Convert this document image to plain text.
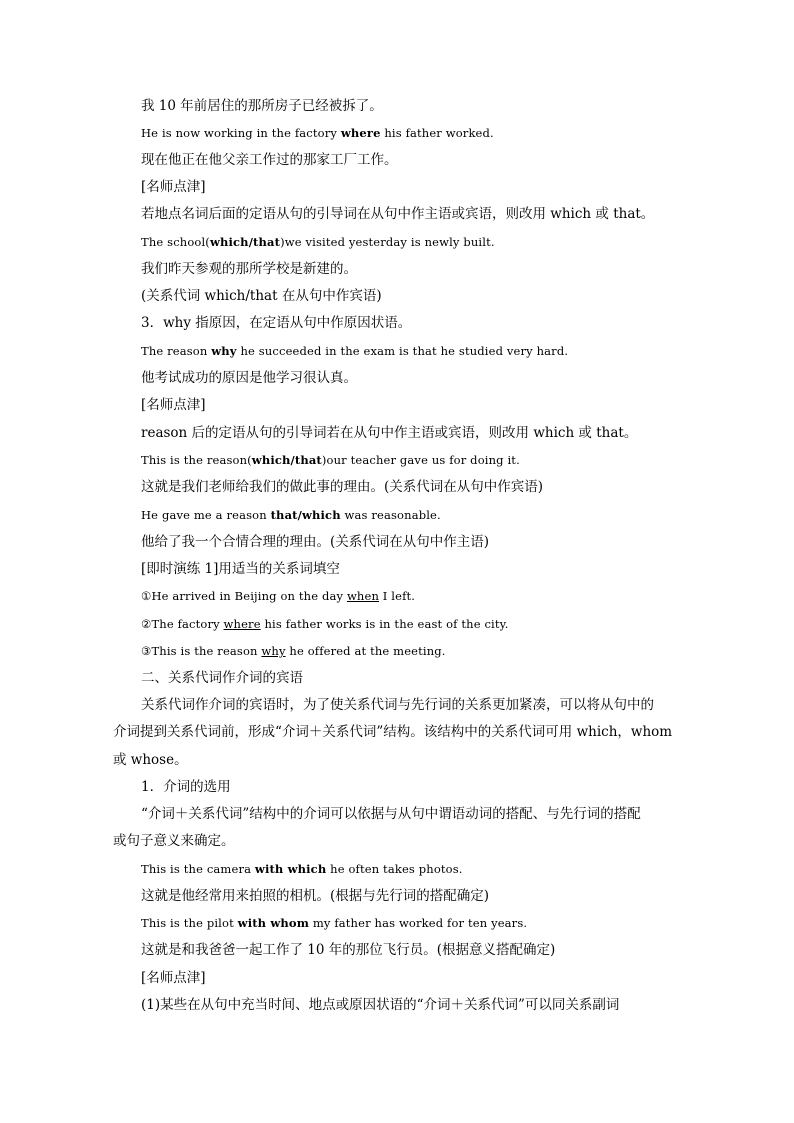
我 10 年前居住的那所房子已经被拆了。
He is now working in the factory where his father worked.
现在他正在他父亲工作过的那家工厂工作。
[名师点津]
若地点名词后面的定语从句的引导词在从句中作主语或宾语，则改用 which 或 that。
The school(which/that)we visited yesterday is newly built.
我们昨天参观的那所学校是新建的。
(关系代词 which/that 在从句中作宾语)
3．why 指原因，在定语从句中作原因状语。
The reason why he succeeded in the exam is that he studied very hard.
他考试成功的原因是他学习很认真。
[名师点津]
reason 后的定语从句的引导词若在从句中作主语或宾语，则改用 which 或 that。
This is the reason(which/that)our teacher gave us for doing it.
这就是我们老师给我们的做此事的理由。(关系代词在从句中作宾语)
He gave me a reason that/which was reasonable.
他给了我一个合情合理的理由。(关系代词在从句中作主语)
[即时演练 1]用适当的关系词填空
①He arrived in Beijing on the day when I left.
②The factory where his father works is in the east of the city.
③This is the reason why he offered at the meeting.
二、关系代词作介词的宾语
关系代词作介词的宾语时，为了使关系代词与先行词的关系更加紧凑，可以将从句中的
介词提到关系代词前，形成“介词＋关系代词”结构。该结构中的关系代词可用 which，whom
或 whose。
1．介词的选用
“介词＋关系代词”结构中的介词可以依据与从句中谓语动词的搭配、与先行词的搭配
或句子意义来确定。
This is the camera with which he often takes photos.
这就是他经常用来拍照的相机。(根据与先行词的搭配确定)
This is the pilot with whom my father has worked for ten years.
这就是和我爸爸一起工作了 10 年的那位飞行员。(根据意义搭配确定)
[名师点津]
(1)某些在从句中充当时间、地点或原因状语的“介词＋关系代词”可以同关系副词
